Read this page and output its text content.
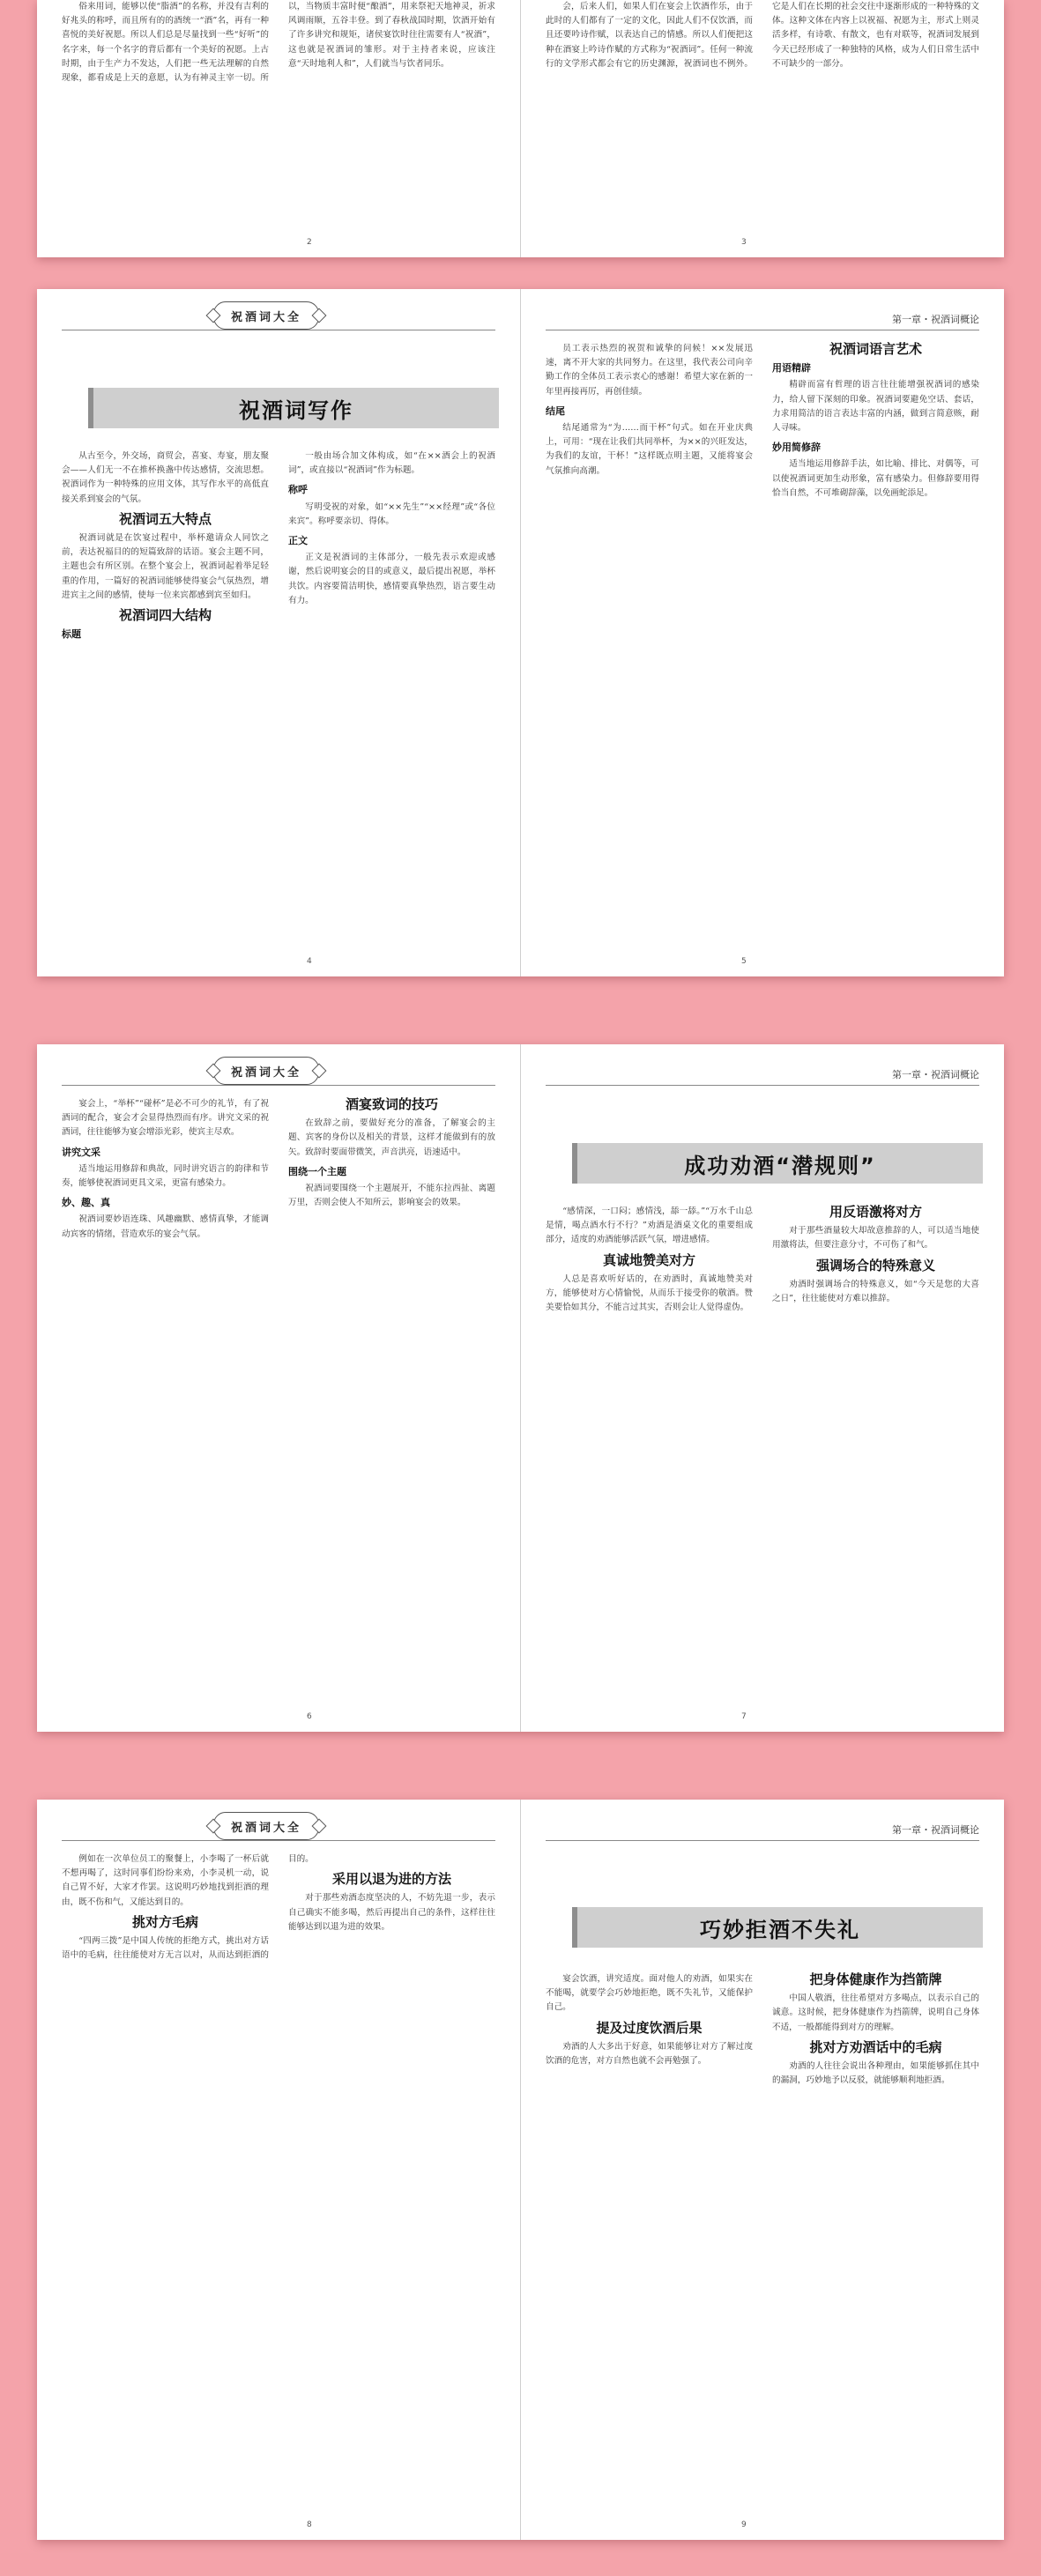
俗来用词，能够以使“脂酒”的名称，并没有吉利的好兆头的称呼，而且所有的的酒统一“酒”名，再有一种喜悦的美好祝愿。所以人们总是尽量找到一些“好听”的名字来，每一个名字的背后都有一个美好的祝愿。上古时期，由于生产力不发达，人们把一些无法理解的自然现象，都看成是上天的意愿，认为有神灵主宰一切。所以，当物质丰富时便“酿酒”，用来祭祀天地神灵，祈求风调雨顺，五谷丰登。到了春秋战国时期，饮酒开始有了许多讲究和规矩，诸侯宴饮时往往需要有人“祝酒”，这也就是祝酒词的雏形。对于主持者来说，应该注意“天时地利人和”，人们就当与饮者同乐。

2

会，后来人们，如果人们在宴会上饮酒作乐，由于此时的人们都有了一定的文化，因此人们不仅饮酒，而且还要吟诗作赋，以表达自己的情感。所以人们便把这种在酒宴上吟诗作赋的方式称为“祝酒词”。任何一种流行的文学形式都会有它的历史渊源，祝酒词也不例外。它是人们在长期的社会交往中逐渐形成的一种特殊的文体。这种文体在内容上以祝福、祝愿为主，形式上则灵活多样，有诗歌、有散文，也有对联等，祝酒词发展到今天已经形成了一种独特的风格，成为人们日常生活中不可缺少的一部分。

3
祝酒词大全
祝酒词写作

从古至今，外交场，商贸会，喜宴、寿宴，朋友聚会——人们无一不在推杯换盏中传达感情，交流思想。祝酒词作为一种特殊的应用文体，其写作水平的高低直接关系到宴会的气氛。

祝酒词五大特点

祝酒词就是在饮宴过程中，举杯邀请众人同饮之前，表达祝福目的的短篇致辞的话语。宴会主题不同，主题也会有所区别。在整个宴会上，祝酒词起着举足轻重的作用，一篇好的祝酒词能够使得宴会气氛热烈，增进宾主之间的感情，使每一位来宾都感到宾至如归。

祝酒词四大结构
标题

一般由场合加文体构成，如“在××酒会上的祝酒词”，或直接以“祝酒词”作为标题。

称呼

写明受祝的对象，如“××先生”“××经理”或“各位来宾”。称呼要亲切、得体。

正文

正文是祝酒词的主体部分，一般先表示欢迎或感谢，然后说明宴会的目的或意义，最后提出祝愿，举杯共饮。内容要简洁明快，感情要真挚热烈，语言要生动有力。

4
第一章・祝酒词概论

员工表示热烈的祝贺和诚挚的问候！××发展迅速，离不开大家的共同努力。在这里，我代表公司向辛勤工作的全体员工表示衷心的感谢！希望大家在新的一年里再接再厉，再创佳绩。

结尾

结尾通常为“为……而干杯”句式。如在开业庆典上，可用：“现在让我们共同举杯，为××的兴旺发达，为我们的友谊，干杯！”这样既点明主题，又能将宴会气氛推向高潮。

祝酒词语言艺术
用语精辟

精辟而富有哲理的语言往往能增强祝酒词的感染力，给人留下深刻的印象。祝酒词要避免空话、套话，力求用简洁的语言表达丰富的内涵，做到言简意赅，耐人寻味。

妙用简修辞

适当地运用修辞手法，如比喻、排比、对偶等，可以使祝酒词更加生动形象，富有感染力。但修辞要用得恰当自然，不可堆砌辞藻，以免画蛇添足。

5
祝酒词大全

宴会上，“举杯”“碰杯”是必不可少的礼节，有了祝酒词的配合，宴会才会显得热烈而有序。讲究文采的祝酒词，往往能够为宴会增添光彩，使宾主尽欢。

讲究文采

适当地运用修辞和典故，同时讲究语言的韵律和节奏，能够使祝酒词更具文采，更富有感染力。

妙、趣、真

祝酒词要妙语连珠、风趣幽默、感情真挚，才能调动宾客的情绪，营造欢乐的宴会气氛。

酒宴致词的技巧

在致辞之前，要做好充分的准备，了解宴会的主题、宾客的身份以及相关的背景，这样才能做到有的放矢。致辞时要面带微笑，声音洪亮，语速适中。

围绕一个主题

祝酒词要围绕一个主题展开，不能东拉西扯、离题万里，否则会使人不知所云，影响宴会的效果。

6
第一章・祝酒词概论
成功劝酒“潜规则”

“感情深，一口闷；感情浅，舔一舔。”“万水千山总是情，喝点酒水行不行？”劝酒是酒桌文化的重要组成部分，适度的劝酒能够活跃气氛，增进感情。

真诚地赞美对方

人总是喜欢听好话的，在劝酒时，真诚地赞美对方，能够使对方心情愉悦，从而乐于接受你的敬酒。赞美要恰如其分，不能言过其实，否则会让人觉得虚伪。

用反语激将对方

对于那些酒量较大却故意推辞的人，可以适当地使用激将法，但要注意分寸，不可伤了和气。

强调场合的特殊意义

劝酒时强调场合的特殊意义，如“今天是您的大喜之日”，往往能使对方难以推辞。

7
祝酒词大全

例如在一次单位员工的聚餐上，小李喝了一杯后就不想再喝了，这时同事们纷纷来劝，小李灵机一动，说自己胃不好，大家才作罢。这说明巧妙地找到拒酒的理由，既不伤和气，又能达到目的。

挑对方毛病

“四两三拨”是中国人传统的拒绝方式，挑出对方话语中的毛病，往往能使对方无言以对，从而达到拒酒的目的。

采用以退为进的方法

对于那些劝酒态度坚决的人，不妨先退一步，表示自己确实不能多喝，然后再提出自己的条件，这样往往能够达到以退为进的效果。

8
第一章・祝酒词概论
巧妙拒酒不失礼

宴会饮酒，讲究适度。面对他人的劝酒，如果实在不能喝，就要学会巧妙地拒绝，既不失礼节，又能保护自己。

提及过度饮酒后果

劝酒的人大多出于好意，如果能够让对方了解过度饮酒的危害，对方自然也就不会再勉强了。

把身体健康作为挡箭牌

中国人敬酒，往往希望对方多喝点，以表示自己的诚意。这时候，把身体健康作为挡箭牌，说明自己身体不适，一般都能得到对方的理解。

挑对方劝酒话中的毛病

劝酒的人往往会说出各种理由，如果能够抓住其中的漏洞，巧妙地予以反驳，就能够顺利地拒酒。

9
